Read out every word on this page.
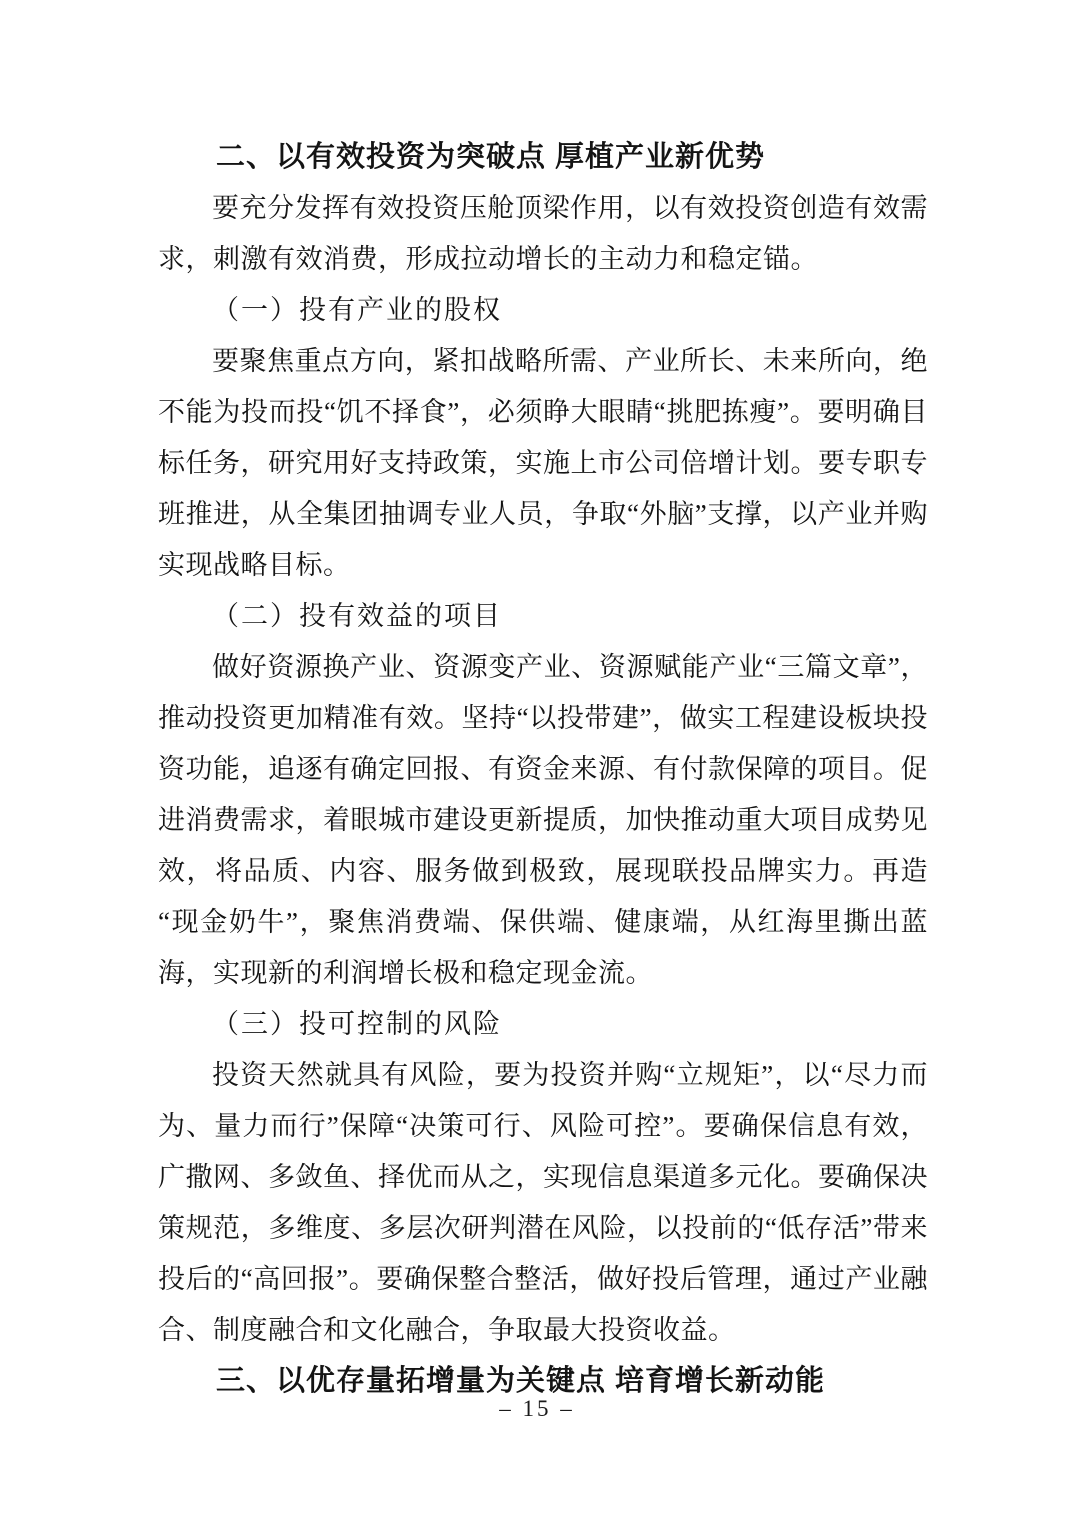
二、以有效投资为突破点 厚植产业新优势

要充分发挥有效投资压舱顶梁作用，以有效投资创造有效需求，刺激有效消费，形成拉动增长的主动力和稳定锚。

（一）投有产业的股权

要聚焦重点方向，紧扣战略所需、产业所长、未来所向，绝不能为投而投“饥不择食”，必须睁大眼睛“挑肥拣瘦”。要明确目标任务，研究用好支持政策，实施上市公司倍增计划。要专职专班推进，从全集团抽调专业人员，争取“外脑”支撑，以产业并购实现战略目标。

（二）投有效益的项目

做好资源换产业、资源变产业、资源赋能产业“三篇文章”，推动投资更加精准有效。坚持“以投带建”，做实工程建设板块投资功能，追逐有确定回报、有资金来源、有付款保障的项目。促进消费需求，着眼城市建设更新提质，加快推动重大项目成势见效，将品质、内容、服务做到极致，展现联投品牌实力。再造“现金奶牛”，聚焦消费端、保供端、健康端，从红海里撕出蓝海，实现新的利润增长极和稳定现金流。

（三）投可控制的风险

投资天然就具有风险，要为投资并购“立规矩”，以“尽力而为、量力而行”保障“决策可行、风险可控”。要确保信息有效，广撒网、多敛鱼、择优而从之，实现信息渠道多元化。要确保决策规范，多维度、多层次研判潜在风险，以投前的“低存活”带来投后的“高回报”。要确保整合整活，做好投后管理，通过产业融合、制度融合和文化融合，争取最大投资收益。

三、以优存量拓增量为关键点 培育增长新动能
– 15 –
